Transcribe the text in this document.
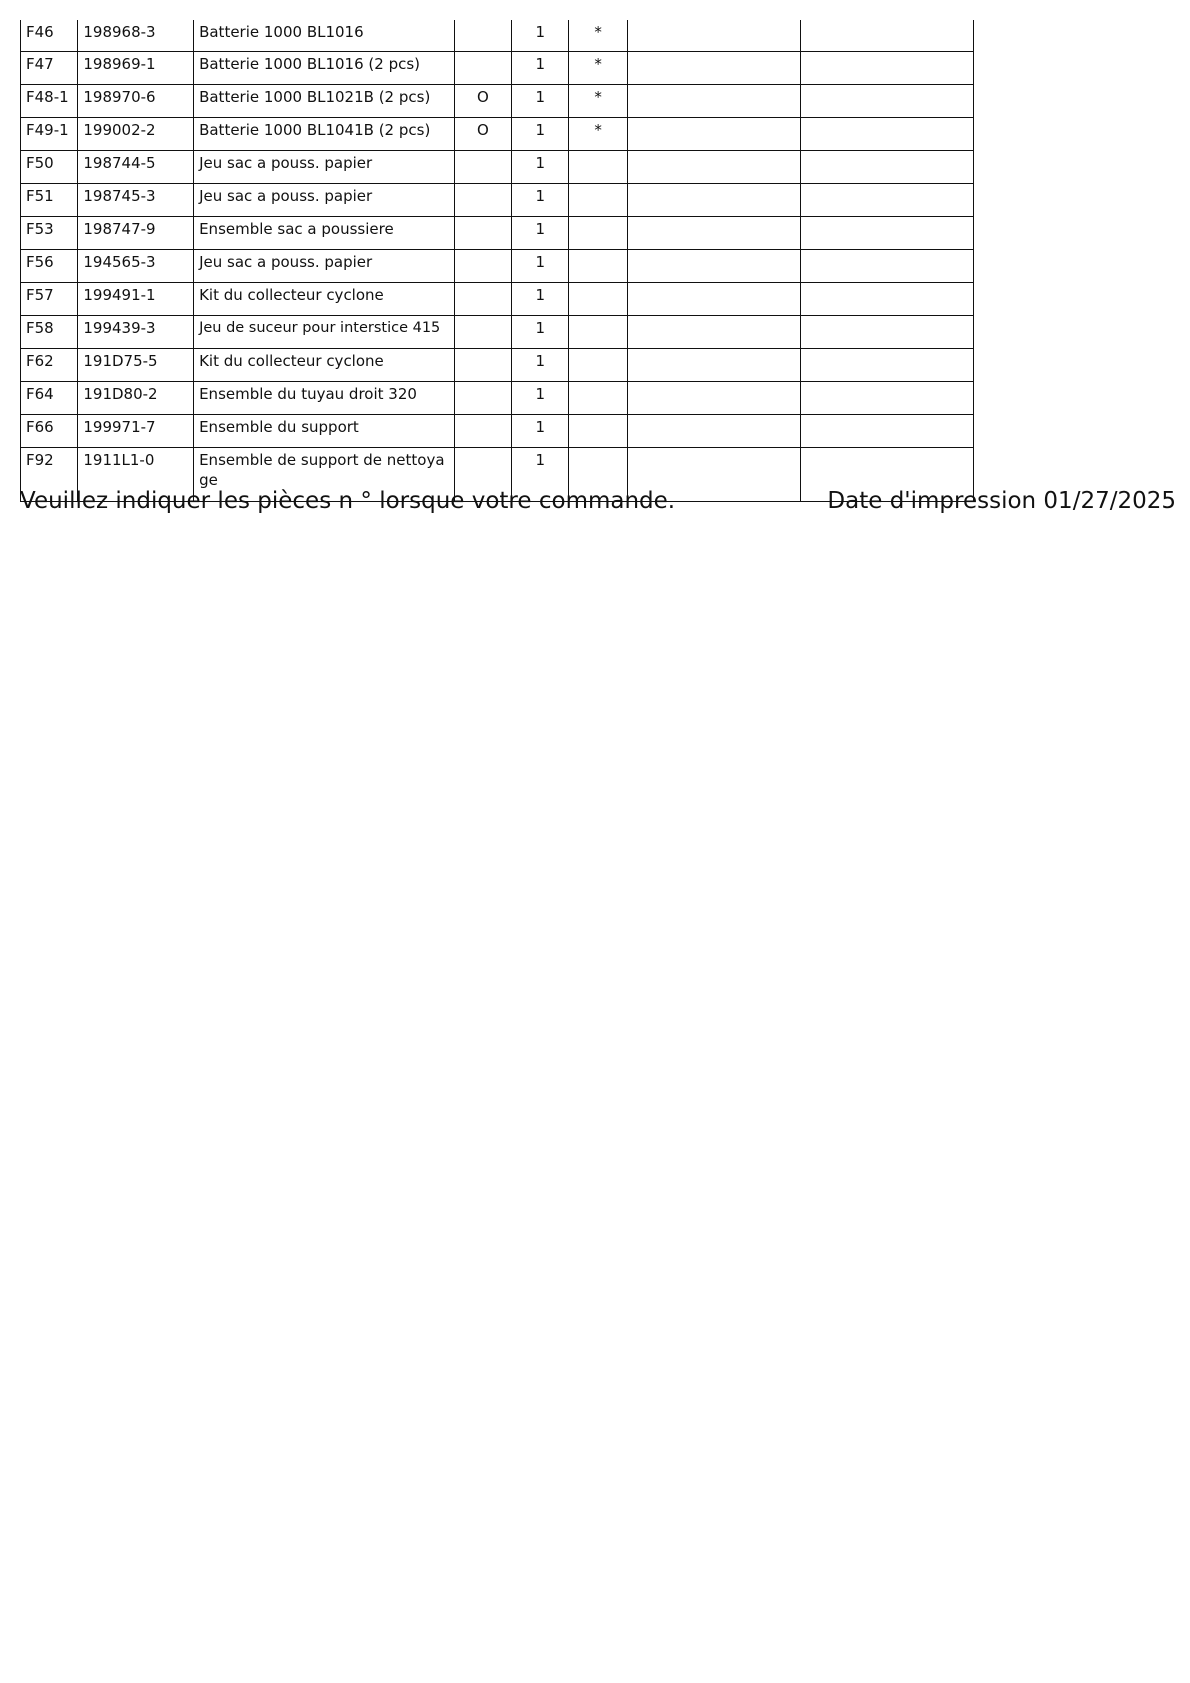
F46	198968-3	Batterie 1000 BL1016		1	*		
F47	198969-1	Batterie 1000 BL1016 (2 pcs)		1	*		
F48-1	198970-6	Batterie 1000 BL1021B (2 pcs)	O	1	*		
F49-1	199002-2	Batterie 1000 BL1041B (2 pcs)	O	1	*		
F50	198744-5	Jeu sac a pouss. papier		1			
F51	198745-3	Jeu sac a pouss. papier		1			
F53	198747-9	Ensemble sac a poussiere		1			
F56	194565-3	Jeu sac a pouss. papier		1			
F57	199491-1	Kit du collecteur cyclone		1			
F58	199439-3	Jeu de suceur pour interstice 415		1			
F62	191D75-5	Kit du collecteur cyclone		1			
F64	191D80-2	Ensemble du tuyau droit 320		1			
F66	199971-7	Ensemble du support		1			
F92	1911L1-0	Ensemble de support de nettoyage		1			
Veuillez indiquer les pièces n ° lorsque votre commande.	Date d'impression 01/27/2025
